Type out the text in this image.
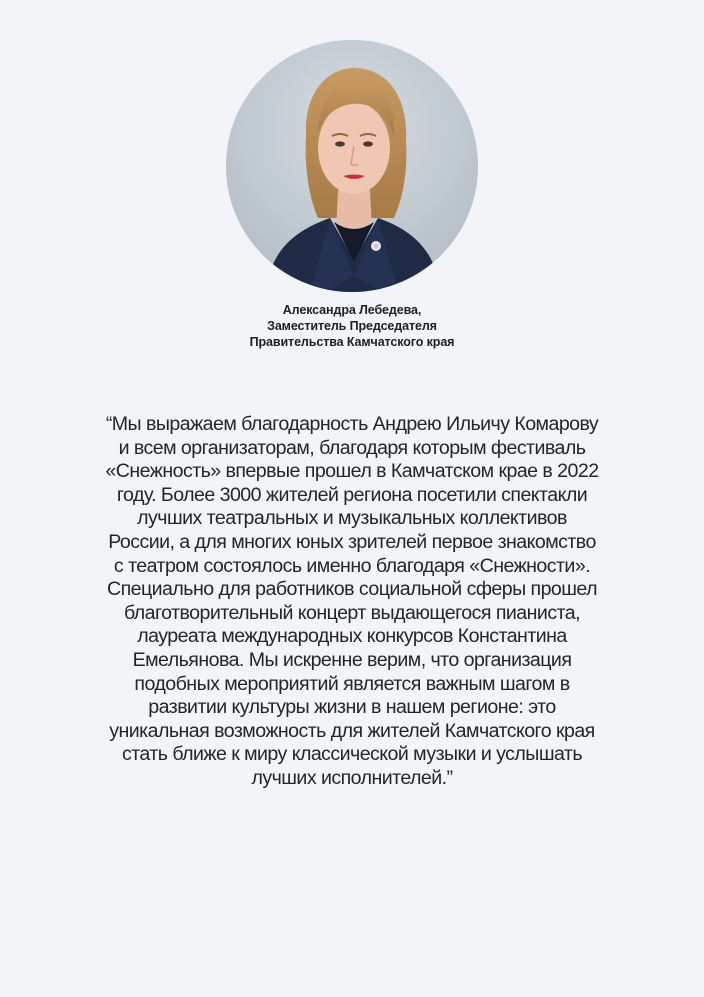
Александра Лебедева,
Заместитель Председателя
Правительства Камчатского края

“Мы выражаем благодарность Андрею Ильичу Комарову
и всем организаторам, благодаря которым фестиваль
«Снежность» впервые прошел в Камчатском крае в 2022
году. Более 3000 жителей региона посетили спектакли
лучших театральных и музыкальных коллективов
России, а для многих юных зрителей первое знакомство
с театром состоялось именно благодаря «Снежности».
Специально для работников социальной сферы прошел
благотворительный концерт выдающегося пианиста,
лауреата международных конкурсов Константина
Емельянова. Мы искренне верим, что организация
подобных мероприятий является важным шагом в
развитии культуры жизни в нашем регионе: это
уникальная возможность для жителей Камчатского края
стать ближе к миру классической музыки и услышать
лучших исполнителей.”
